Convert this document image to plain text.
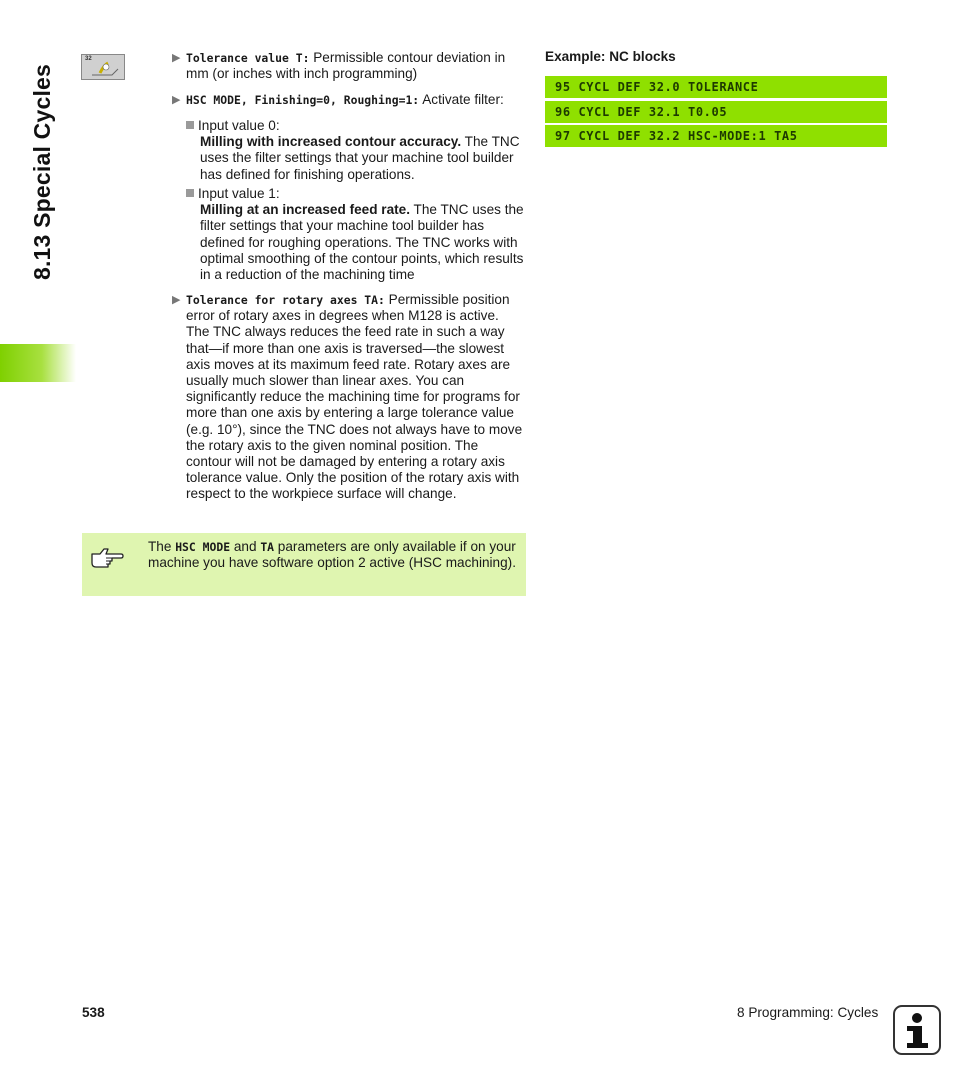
8.13 Special Cycles
32	▶ Tolerance value T: Permissible contour deviation in mm (or inches with inch programming)
▶ HSC MODE, Finishing=0, Roughing=1: Activate filter:
Input value 0:
Milling with increased contour accuracy. The TNC uses the filter settings that your machine tool builder has defined for finishing operations.
Input value 1:
Milling at an increased feed rate. The TNC uses the filter settings that your machine tool builder has defined for roughing operations. The TNC works with optimal smoothing of the contour points, which results in a reduction of the machining time
▶ Tolerance for rotary axes TA: Permissible position error of rotary axes in degrees when M128 is active. The TNC always reduces the feed rate in such a way that—if more than one axis is traversed—the slowest axis moves at its maximum feed rate. Rotary axes are usually much slower than linear axes. You can significantly reduce the machining time for programs for more than one axis by entering a large tolerance value (e.g. 10°), since the TNC does not always have to move the rotary axis to the given nominal position. The contour will not be damaged by entering a rotary axis tolerance value. Only the position of the rotary axis with respect to the workpiece surface will change.
The HSC MODE and TA parameters are only available if on your machine you have software option 2 active (HSC machining).
Example: NC blocks
95 CYCL DEF 32.0 TOLERANCE
96 CYCL DEF 32.1 T0.05
97 CYCL DEF 32.2 HSC-MODE:1 TA5
538	8 Programming: Cycles
